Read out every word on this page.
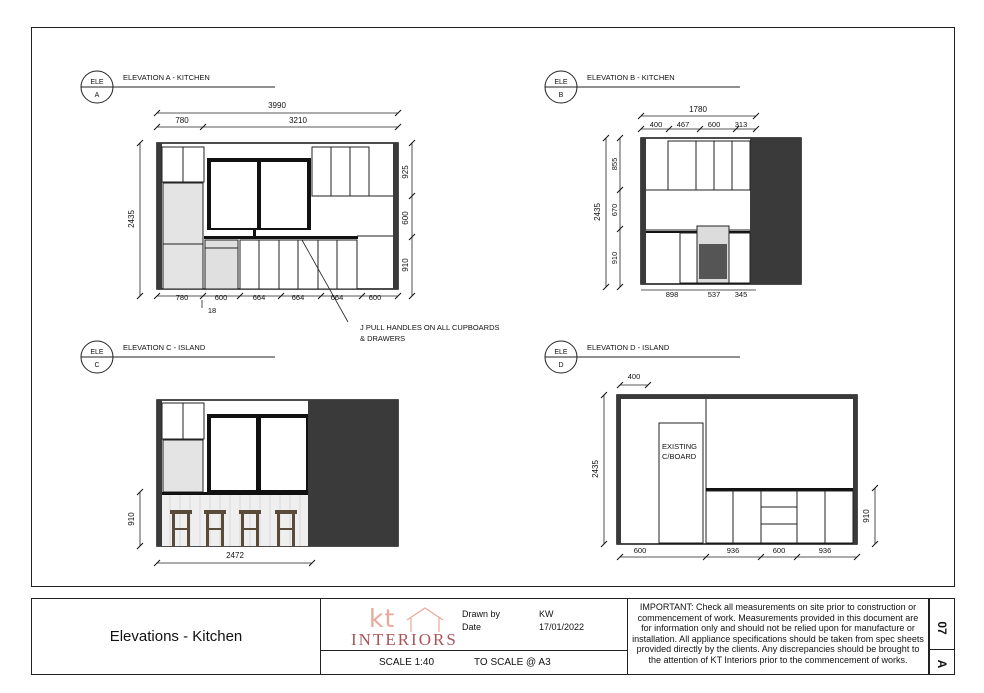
ELE
A
ELEVATION A - KITCHEN
3990
780	3210
2435
925
600
910
J PULL HANDLES ON ALL CUPBOARDS
& DRAWERS
780	600	664	664	664	600
18
ELE
B
ELEVATION B - KITCHEN
1780
400 467 600 313
2435
855
670
910
898	537 345
ELE
C
ELEVATION C - ISLAND
910
2472
ELE
D
ELEVATION D - ISLAND
400
2435
EXISTING
C/BOARD
910
600	936	600	936
Elevations - Kitchen
kt
INTERIORS
Drawn by	KW
Date	17/01/2022
SCALE 1:40	TO SCALE @ A3
IMPORTANT: Check all measurements on site prior to construction or commencement of work. Measurements provided in this document are for information only and should not be relied upon for manufacture or installation. All appliance specifications should be taken from spec sheets provided directly by the clients. Any discrepancies should be brought to the attention of KT Interiors prior to the commencement of works.
07
A
